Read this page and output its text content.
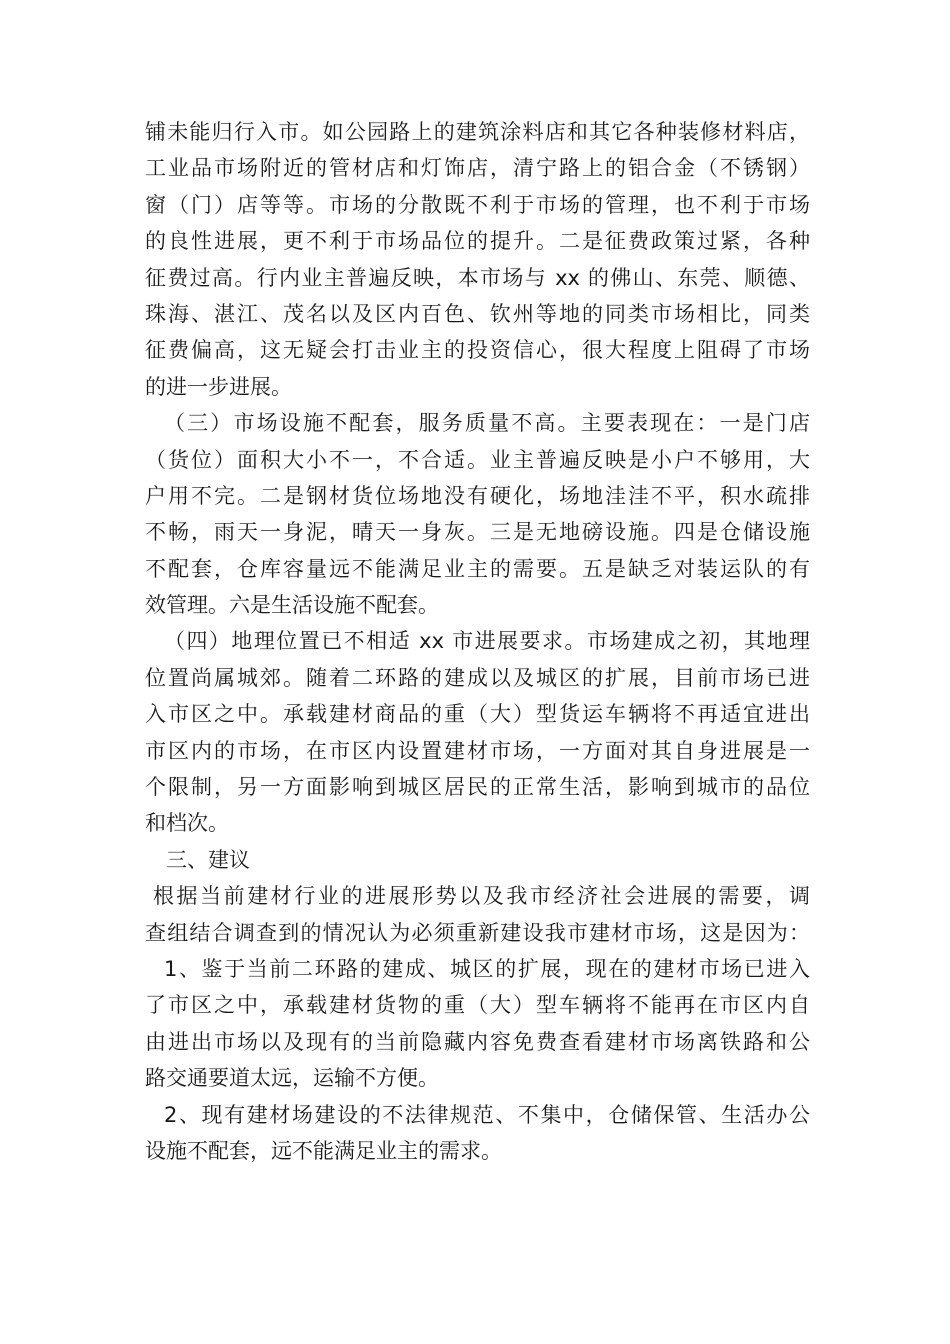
铺未能归行入市。如公园路上的建筑涂料店和其它各种装修材料店，
工业品市场附近的管材店和灯饰店，清宁路上的铝合金（不锈钢）
窗（门）店等等。市场的分散既不利于市场的管理，也不利于市场
的良性进展，更不利于市场品位的提升。二是征费政策过紧，各种
征费过高。行内业主普遍反映，本市场与 xx 的佛山、东莞、顺德、
珠海、湛江、茂名以及区内百色、钦州等地的同类市场相比，同类
征费偏高，这无疑会打击业主的投资信心，很大程度上阻碍了市场
的进一步进展。
（三）市场设施不配套，服务质量不高。主要表现在：一是门店
（货位）面积大小不一，不合适。业主普遍反映是小户不够用，大
户用不完。二是钢材货位场地没有硬化，场地洼洼不平，积水疏排
不畅，雨天一身泥，晴天一身灰。三是无地磅设施。四是仓储设施
不配套，仓库容量远不能满足业主的需要。五是缺乏对装运队的有
效管理。六是生活设施不配套。
（四）地理位置已不相适 xx 市进展要求。市场建成之初，其地理
位置尚属城郊。随着二环路的建成以及城区的扩展，目前市场已进
入市区之中。承载建材商品的重（大）型货运车辆将不再适宜进出
市区内的市场，在市区内设置建材市场，一方面对其自身进展是一
个限制，另一方面影响到城区居民的正常生活，影响到城市的品位
和档次。
三、建议
根据当前建材行业的进展形势以及我市经济社会进展的需要，调
查组结合调查到的情况认为必须重新建设我市建材市场，这是因为：
1、鉴于当前二环路的建成、城区的扩展，现在的建材市场已进入
了市区之中，承载建材货物的重（大）型车辆将不能再在市区内自
由进出市场以及现有的当前隐藏内容免费查看建材市场离铁路和公
路交通要道太远，运输不方便。
2、现有建材场建设的不法律规范、不集中，仓储保管、生活办公
设施不配套，远不能满足业主的需求。
